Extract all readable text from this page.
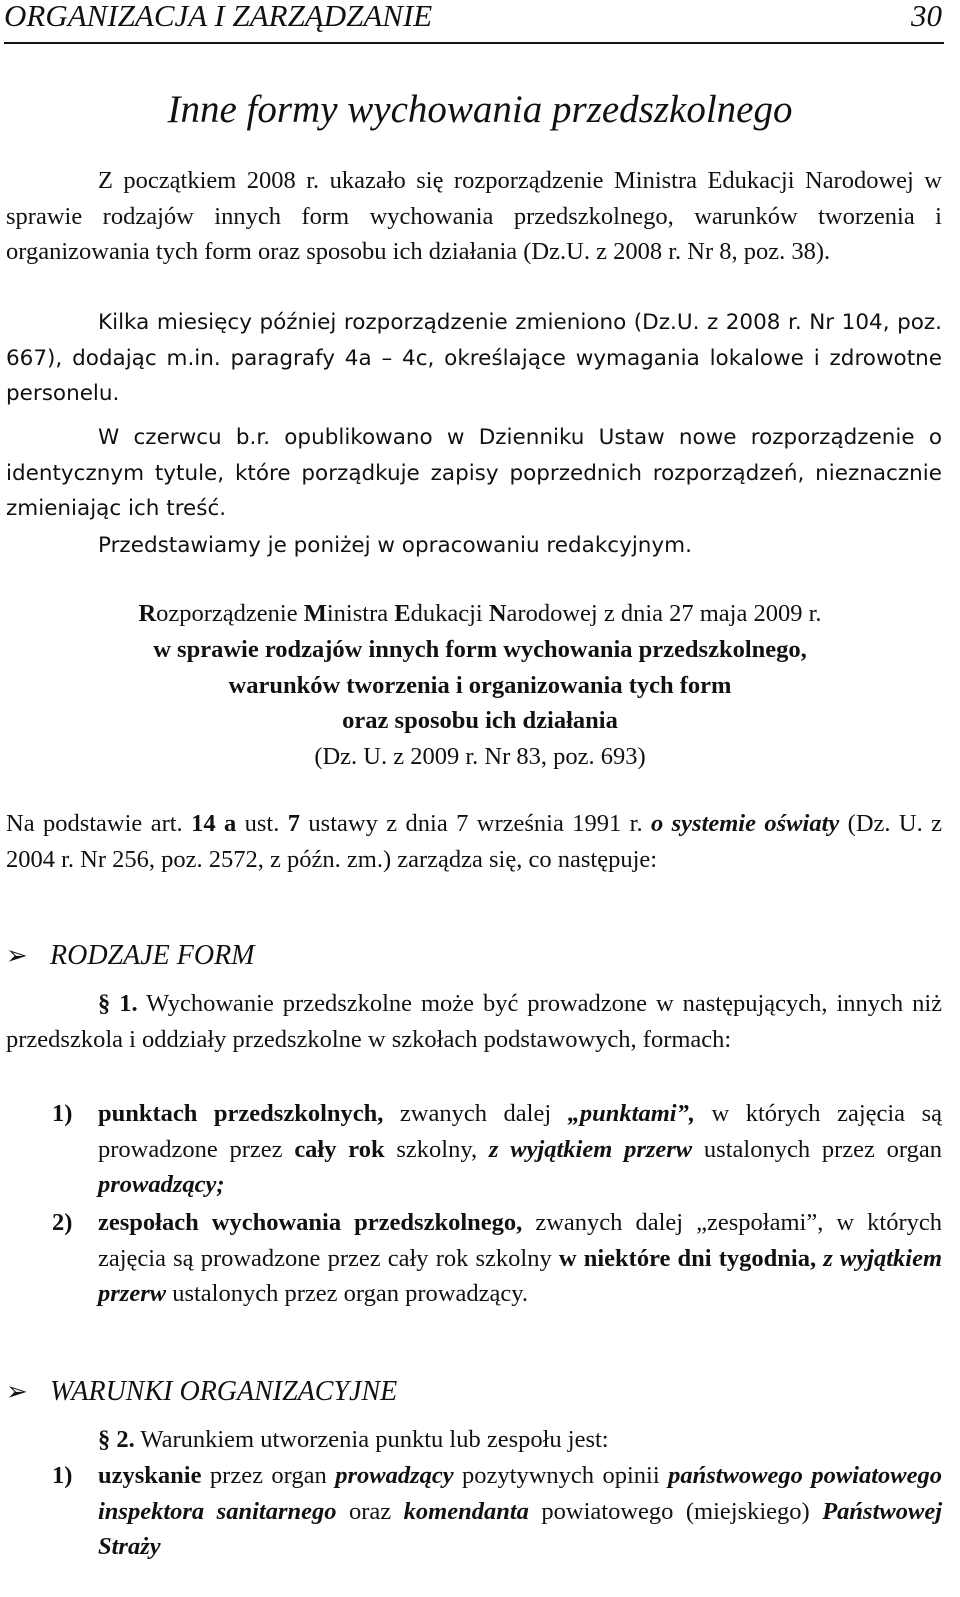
ORGANIZACJA I ZARZĄDZANIE	30
Inne formy wychowania przedszkolnego
Z początkiem 2008 r. ukazało się rozporządzenie Ministra Edukacji Narodowej w sprawie rodzajów innych form wychowania przedszkolnego, warunków tworzenia i organizowania tych form oraz sposobu ich działania (Dz.U. z 2008 r. Nr 8, poz. 38).
Kilka miesięcy później rozporządzenie zmieniono (Dz.U. z 2008 r. Nr 104, poz. 667), dodając m.in. paragrafy 4a – 4c, określające wymagania lokalowe i zdrowotne personelu.
W czerwcu b.r. opublikowano w Dzienniku Ustaw nowe rozporządzenie o identycznym tytule, które porządkuje zapisy poprzednich rozporządzeń, nieznacznie zmieniając ich treść.
Przedstawiamy je poniżej w opracowaniu redakcyjnym.
Rozporządzenie Ministra Edukacji Narodowej z dnia 27 maja 2009 r.
w sprawie rodzajów innych form wychowania przedszkolnego,
warunków tworzenia i organizowania tych form
oraz sposobu ich działania
(Dz. U. z 2009 r. Nr 83, poz. 693)
Na podstawie art. 14 a ust. 7 ustawy z dnia 7 września 1991 r. o systemie oświaty (Dz. U. z 2004 r. Nr 256, poz. 2572, z późn. zm.) zarządza się, co następuje:
➢ RODZAJE FORM
§ 1. Wychowanie przedszkolne może być prowadzone w następujących, innych niż przedszkola i oddziały przedszkolne w szkołach podstawowych, formach:
1) punktach przedszkolnych, zwanych dalej „punktami”, w których zajęcia są prowadzone przez cały rok szkolny, z wyjątkiem przerw ustalonych przez organ prowadzący;
2) zespołach wychowania przedszkolnego, zwanych dalej „zespołami”, w których zajęcia są prowadzone przez cały rok szkolny w niektóre dni tygodnia, z wyjątkiem przerw ustalonych przez organ prowadzący.
➢ WARUNKI ORGANIZACYJNE
§ 2. Warunkiem utworzenia punktu lub zespołu jest:
1) uzyskanie przez organ prowadzący pozytywnych opinii państwowego powiatowego inspektora sanitarnego oraz komendanta powiatowego (miejskiego) Państwowej Straży
